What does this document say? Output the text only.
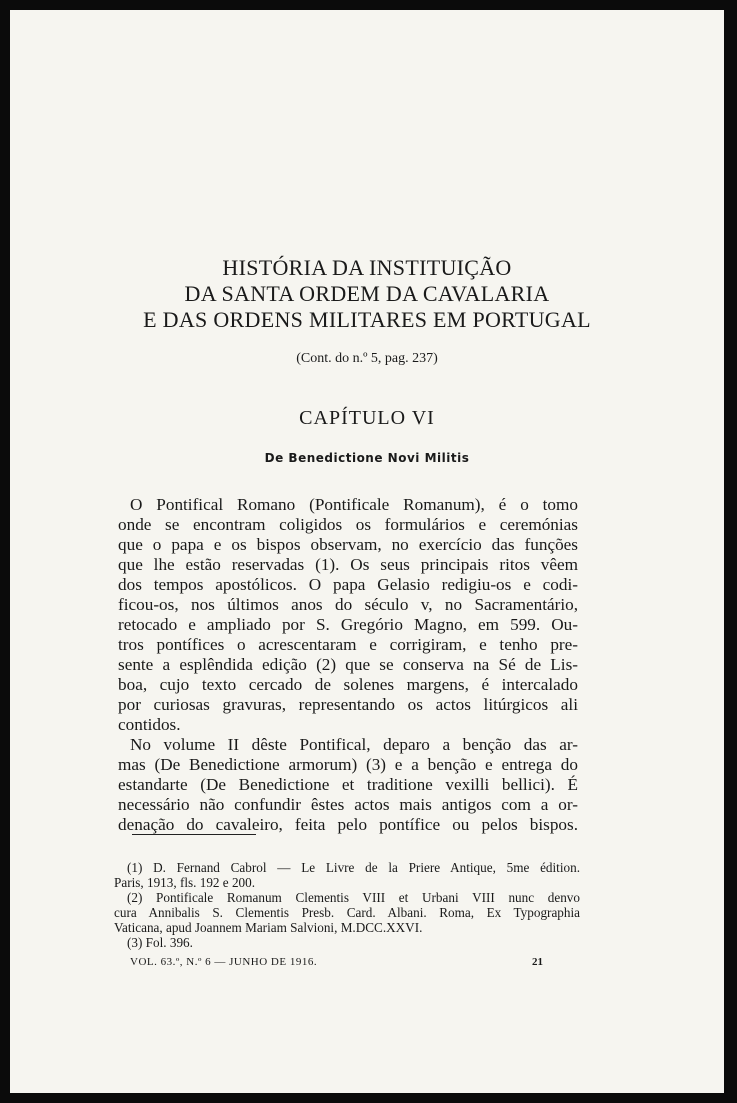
HISTÓRIA DA INSTITUIÇÃO
DA SANTA ORDEM DA CAVALARIA
E DAS ORDENS MILITARES EM PORTUGAL
(Cont. do n.º 5, pag. 237)
CAPÍTULO VI
De Benedictione Novi Militis
O Pontifical Romano (Pontificale Romanum), é o tomo
onde se encontram coligidos os formulários e ceremónias
que o papa e os bispos observam, no exercício das funções
que lhe estão reservadas (1). Os seus principais ritos vêem
dos tempos apostólicos. O papa Gelasio redigiu-os e codi-
ficou-os, nos últimos anos do século v, no Sacramentário,
retocado e ampliado por S. Gregório Magno, em 599. Ou-
tros pontífices o acrescentaram e corrigiram, e tenho pre-
sente a esplêndida edição (2) que se conserva na Sé de Lis-
boa, cujo texto cercado de solenes margens, é intercalado
por curiosas gravuras, representando os actos litúrgicos ali
contidos.
No volume II dêste Pontifical, deparo a benção das ar-
mas (De Benedictione armorum) (3) e a benção e entrega do
estandarte (De Benedictione et traditione vexilli bellici). É
necessário não confundir êstes actos mais antigos com a or-
denação do cavaleiro, feita pelo pontífice ou pelos bispos.
(1) D. Fernand Cabrol — Le Livre de la Priere Antique, 5me édition.
Paris, 1913, fls. 192 e 200.
(2) Pontificale Romanum Clementis VIII et Urbani VIII nunc denvo
cura Annibalis S. Clementis Presb. Card. Albani. Roma, Ex Typographia
Vaticana, apud Joannem Mariam Salvioni, M.DCC.XXVI.
(3) Fol. 396.
VOL. 63.º, N.º 6 — JUNHO DE 1916.	21
